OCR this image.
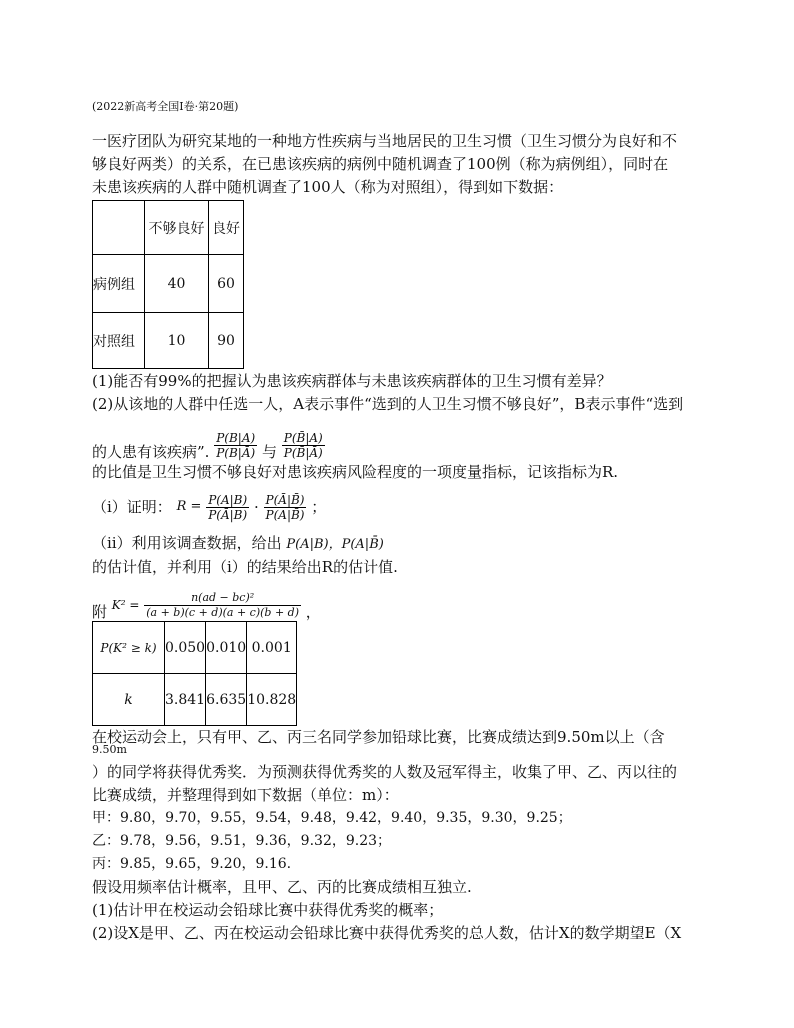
(2022新高考全国I卷·第20题)
一医疗团队为研究某地的一种地方性疾病与当地居民的卫生习惯（卫生习惯分为良好和不
够良好两类）的关系，在已患该疾病的病例中随机调查了100例（称为病例组），同时在
未患该疾病的人群中随机调查了100人（称为对照组），得到如下数据：
	不够良好	良好
病例组	40	60
对照组	10	90
(1)能否有99%的把握认为患该疾病群体与未患该疾病群体的卫生习惯有差异？
(2)从该地的人群中任选一人，A表示事件“选到的人卫生习惯不够良好”，B表示事件“选到
的人患有该疾病”. $\frac{P(B|A)}{P(B|Ā)}$ 与 $\frac{P(B̄|A)}{P(B̄|Ā)}$
的比值是卫生习惯不够良好对患该疾病风险程度的一项度量指标，记该指标为R.
（ⅰ）证明： $R = \frac{P(A|B)}{P(Ā|B)} \cdot \frac{P(Ā|B̄)}{P(A|B̄)}$ ；
（ⅱ）利用该调查数据，给出 P(A|B)，P(A|B̄)
的估计值，并利用（ⅰ）的结果给出R的估计值.
附 $K^2 = \frac{\text{n(ad − bc)²}}{(a + b)(c + d)(a + c)(b + d)}$ ，
P(K² ≥ k)	0.050	0.010	0.001
k	3.841	6.635	10.828
在校运动会上，只有甲、乙、丙三名同学参加铅球比赛，比赛成绩达到9.50m以上（含
9.50m
）的同学将获得优秀奖．为预测获得优秀奖的人数及冠军得主，收集了甲、乙、丙以往的
比赛成绩，并整理得到如下数据（单位：m）：
甲：9.80，9.70，9.55，9.54，9.48，9.42，9.40，9.35，9.30，9.25；
乙：9.78，9.56，9.51，9.36，9.32，9.23；
丙：9.85，9.65，9.20，9.16.
假设用频率估计概率，且甲、乙、丙的比赛成绩相互独立.
(1)估计甲在校运动会铅球比赛中获得优秀奖的概率；
(2)设X是甲、乙、丙在校运动会铅球比赛中获得优秀奖的总人数，估计X的数学期望E（X
